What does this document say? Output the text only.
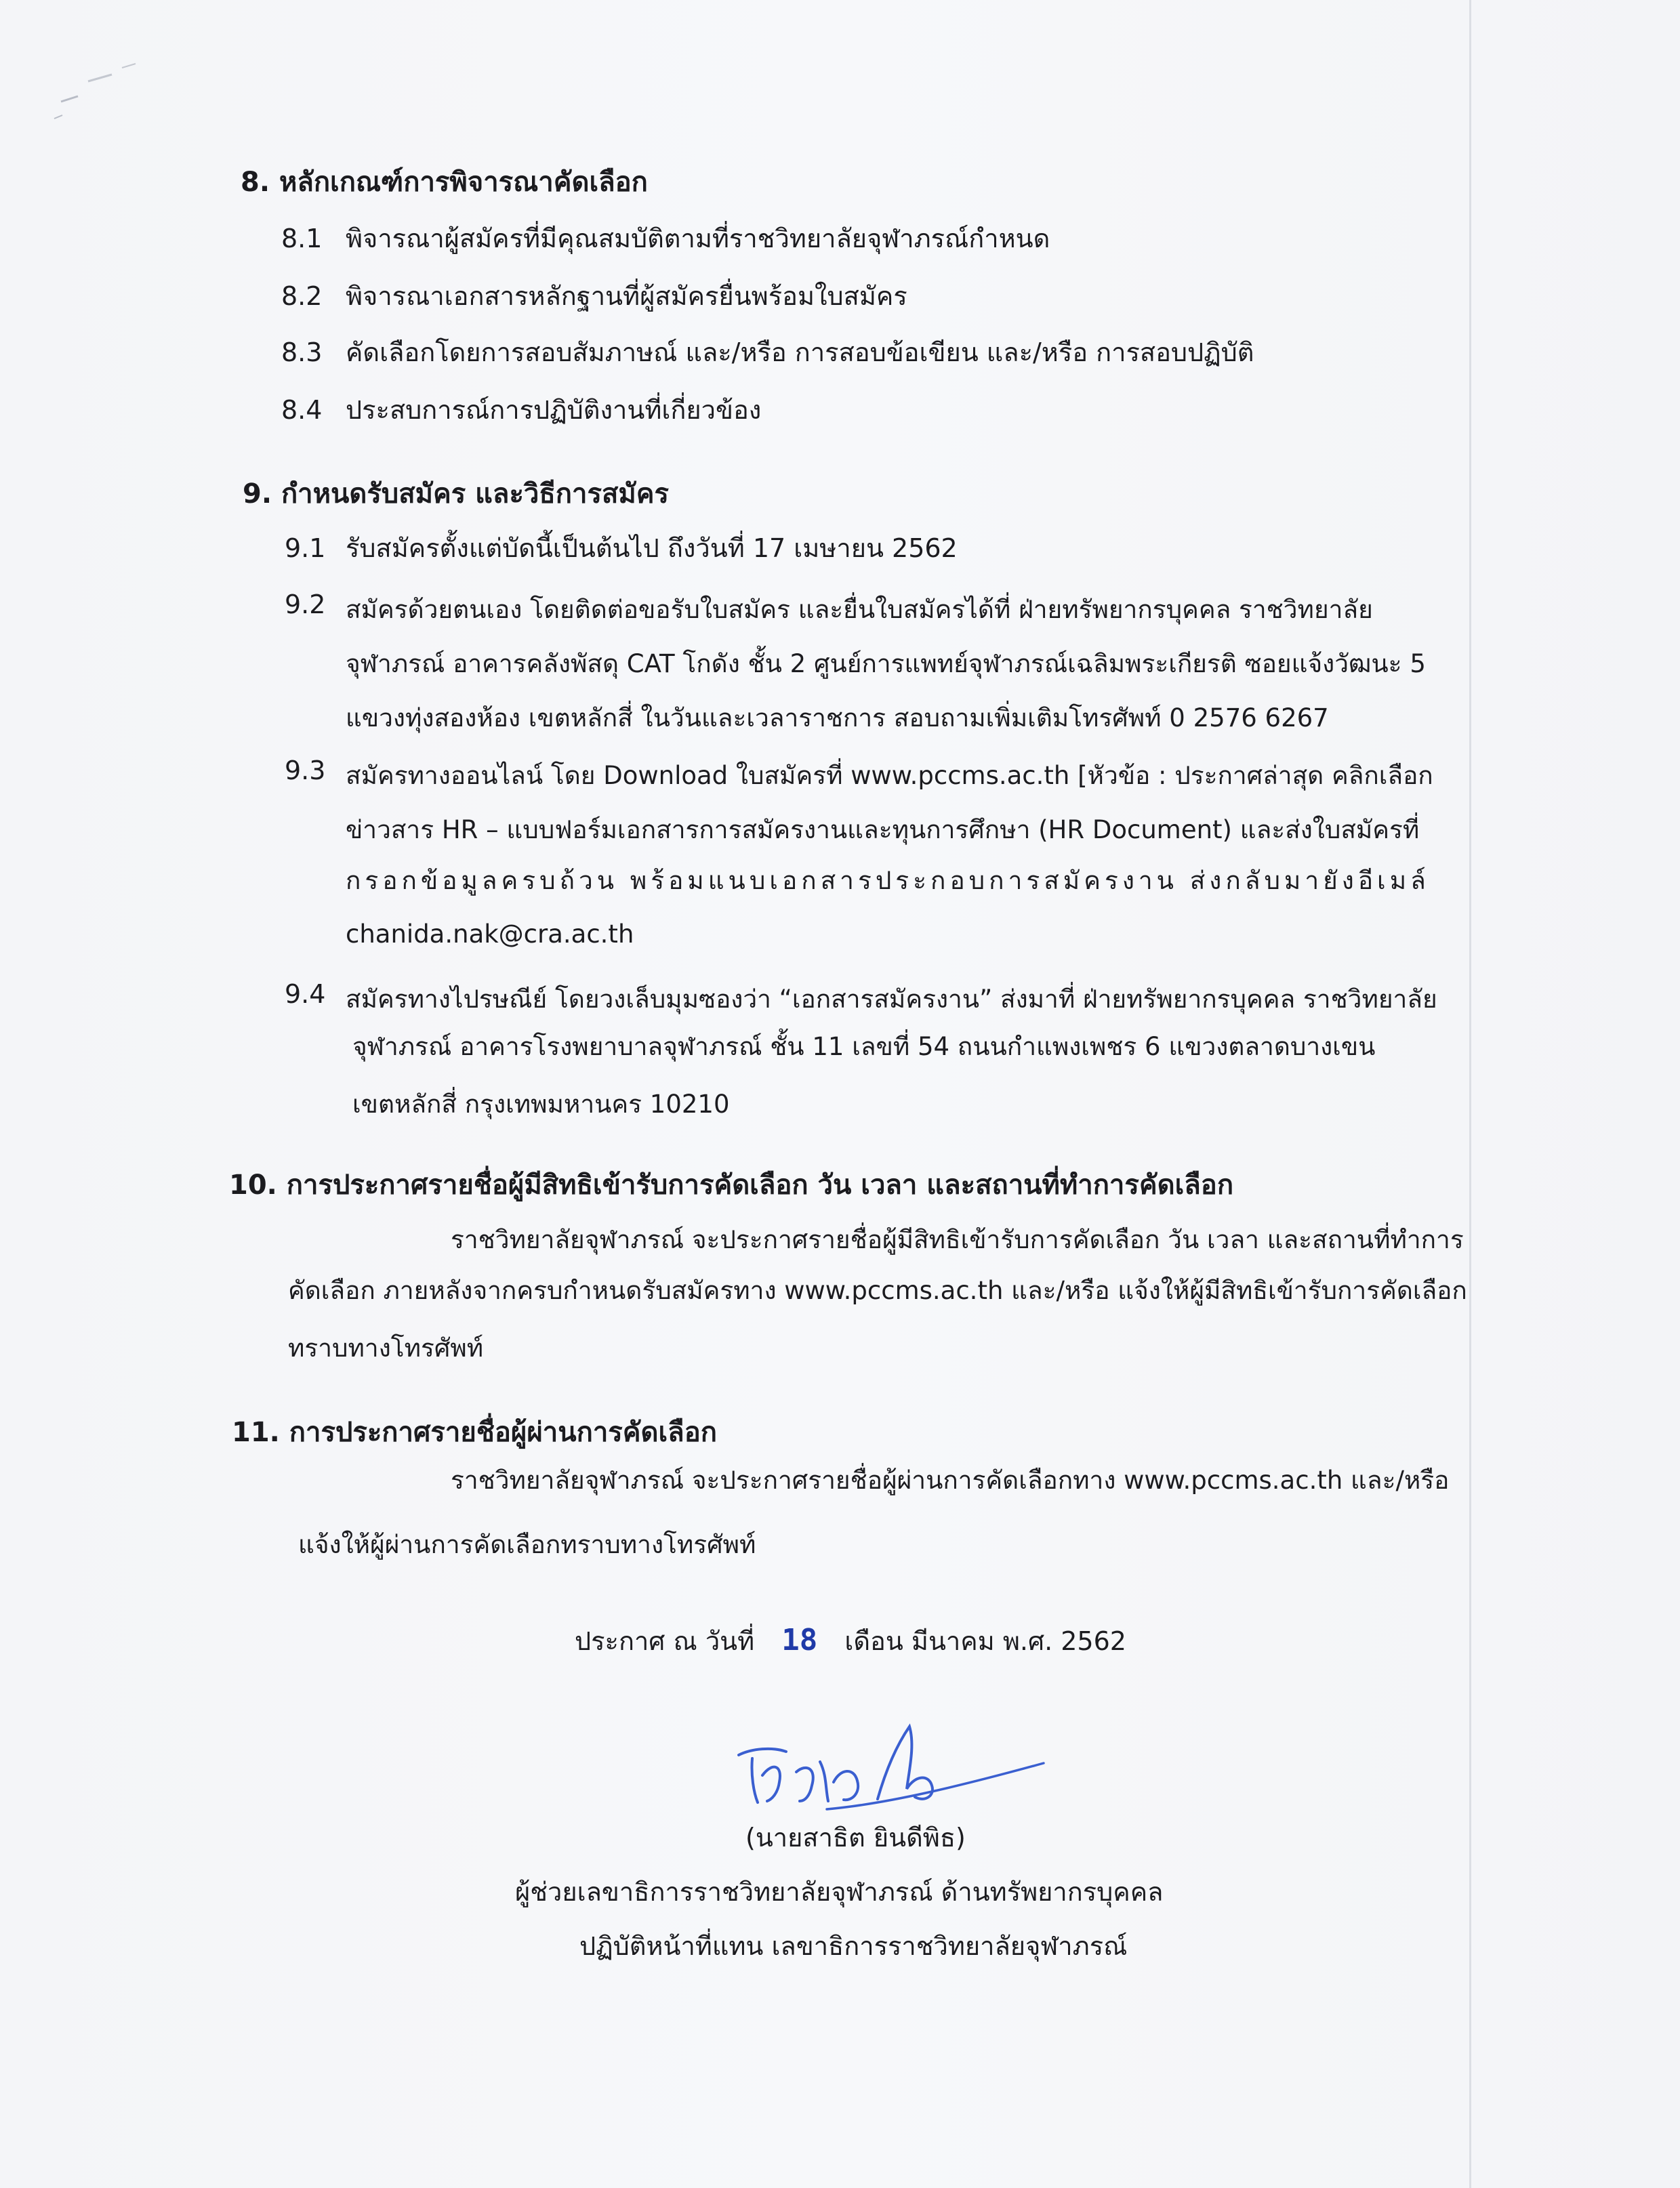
8. หลักเกณฑ์การพิจารณาคัดเลือก
8.1 พิจารณาผู้สมัครที่มีคุณสมบัติตามที่ราชวิทยาลัยจุฬาภรณ์กำหนด
8.2 พิจารณาเอกสารหลักฐานที่ผู้สมัครยื่นพร้อมใบสมัคร
8.3 คัดเลือกโดยการสอบสัมภาษณ์ และ/หรือ การสอบข้อเขียน และ/หรือ การสอบปฏิบัติ
8.4 ประสบการณ์การปฏิบัติงานที่เกี่ยวข้อง
9. กำหนดรับสมัคร และวิธีการสมัคร
9.1 รับสมัครตั้งแต่บัดนี้เป็นต้นไป ถึงวันที่ 17 เมษายน 2562
9.2 สมัครด้วยตนเอง โดยติดต่อขอรับใบสมัคร และยื่นใบสมัครได้ที่ ฝ่ายทรัพยากรบุคคล ราชวิทยาลัย
จุฬาภรณ์ อาคารคลังพัสดุ CAT โกดัง ชั้น 2 ศูนย์การแพทย์จุฬาภรณ์เฉลิมพระเกียรติ ซอยแจ้งวัฒนะ 5
แขวงทุ่งสองห้อง เขตหลักสี่ ในวันและเวลาราชการ สอบถามเพิ่มเติมโทรศัพท์ 0 2576 6267
9.3 สมัครทางออนไลน์ โดย Download ใบสมัครที่ www.pccms.ac.th [หัวข้อ : ประกาศล่าสุด คลิกเลือก
ข่าวสาร HR – แบบฟอร์มเอกสารการสมัครงานและทุนการศึกษา (HR Document) และส่งใบสมัครที่
กรอกข้อมูลครบถ้วน พร้อมแนบเอกสารประกอบการสมัครงาน ส่งกลับมายังอีเมล์
chanida.nak@cra.ac.th
9.4 สมัครทางไปรษณีย์ โดยวงเล็บมุมซองว่า “เอกสารสมัครงาน” ส่งมาที่ ฝ่ายทรัพยากรบุคคล ราชวิทยาลัย
จุฬาภรณ์ อาคารโรงพยาบาลจุฬาภรณ์ ชั้น 11 เลขที่ 54 ถนนกำแพงเพชร 6 แขวงตลาดบางเขน
เขตหลักสี่ กรุงเทพมหานคร 10210
10. การประกาศรายชื่อผู้มีสิทธิเข้ารับการคัดเลือก วัน เวลา และสถานที่ทำการคัดเลือก
ราชวิทยาลัยจุฬาภรณ์ จะประกาศรายชื่อผู้มีสิทธิเข้ารับการคัดเลือก วัน เวลา และสถานที่ทำการ
คัดเลือก ภายหลังจากครบกำหนดรับสมัครทาง www.pccms.ac.th และ/หรือ แจ้งให้ผู้มีสิทธิเข้ารับการคัดเลือก
ทราบทางโทรศัพท์
11. การประกาศรายชื่อผู้ผ่านการคัดเลือก
ราชวิทยาลัยจุฬาภรณ์ จะประกาศรายชื่อผู้ผ่านการคัดเลือกทาง www.pccms.ac.th และ/หรือ
แจ้งให้ผู้ผ่านการคัดเลือกทราบทางโทรศัพท์
ประกาศ ณ วันที่ 18 เดือน มีนาคม พ.ศ. 2562
(นายสาธิต ยินดีพิธ)
ผู้ช่วยเลขาธิการราชวิทยาลัยจุฬาภรณ์ ด้านทรัพยากรบุคคล
ปฏิบัติหน้าที่แทน เลขาธิการราชวิทยาลัยจุฬาภรณ์
